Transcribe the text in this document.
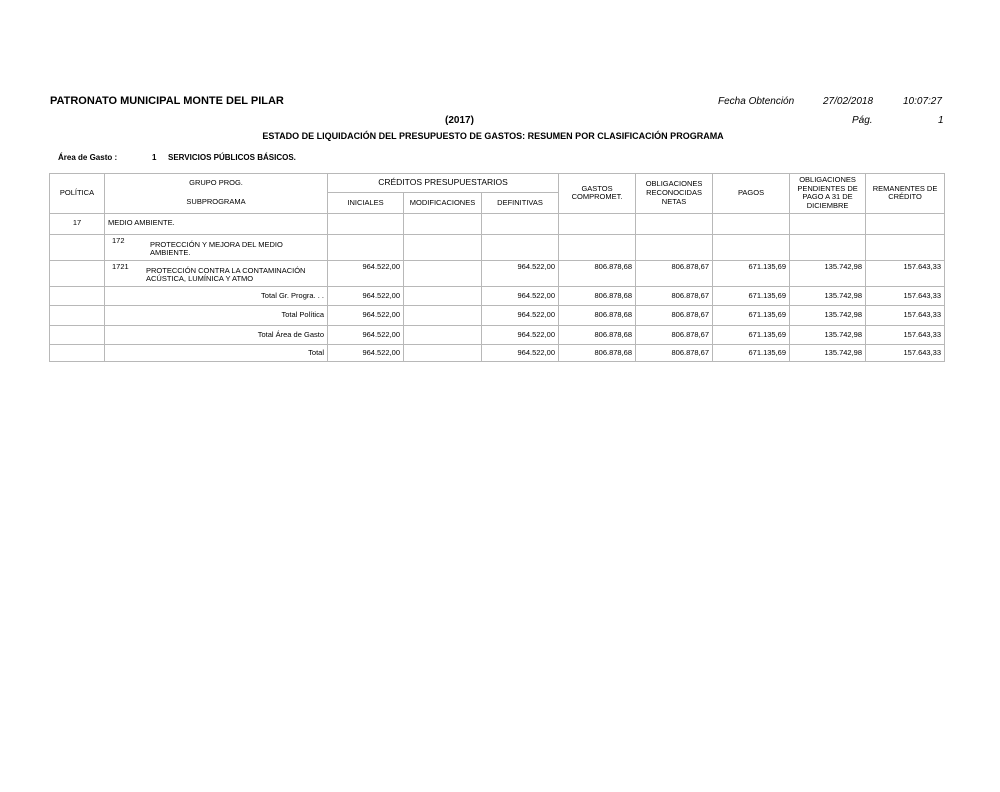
PATRONATO MUNICIPAL MONTE DEL PILAR	Fecha Obtención	27/02/2018	10:07:27
Pág.	1
(2017)
ESTADO DE LIQUIDACIÓN DEL PRESUPUESTO DE GASTOS: RESUMEN POR CLASIFICACIÓN PROGRAMA
Área de Gasto :	1 SERVICIOS PÚBLICOS BÁSICOS.
POLÍTICA	GRUPO PROG.	CRÉDITOS PRESUPUESTARIOS			GASTOS COMPROMET.	OBLIGACIONES RECONOCIDAS NETAS	PAGOS	OBLIGACIONES PENDIENTES DE PAGO A 31 DE DICIEMBRE	REMANENTES DE CRÉDITO
	SUBPROGRAMA	INICIALES	MODIFICACIONES	DEFINITIVAS					
17	MEDIO AMBIENTE.								
	172 PROTECCIÓN Y MEJORA DEL MEDIO AMBIENTE.								
	1721 PROTECCIÓN CONTRA LA CONTAMINACIÓN ACÚSTICA, LUMÍNICA Y ATMO	964.522,00		964.522,00	806.878,68	806.878,67	671.135,69	135.742,98	157.643,33
	Total Gr. Progra. . .	964.522,00		964.522,00	806.878,68	806.878,67	671.135,69	135.742,98	157.643,33
	Total Política	964.522,00		964.522,00	806.878,68	806.878,67	671.135,69	135.742,98	157.643,33
	Total Área de Gasto	964.522,00		964.522,00	806.878,68	806.878,67	671.135,69	135.742,98	157.643,33
	Total	964.522,00		964.522,00	806.878,68	806.878,67	671.135,69	135.742,98	157.643,33
